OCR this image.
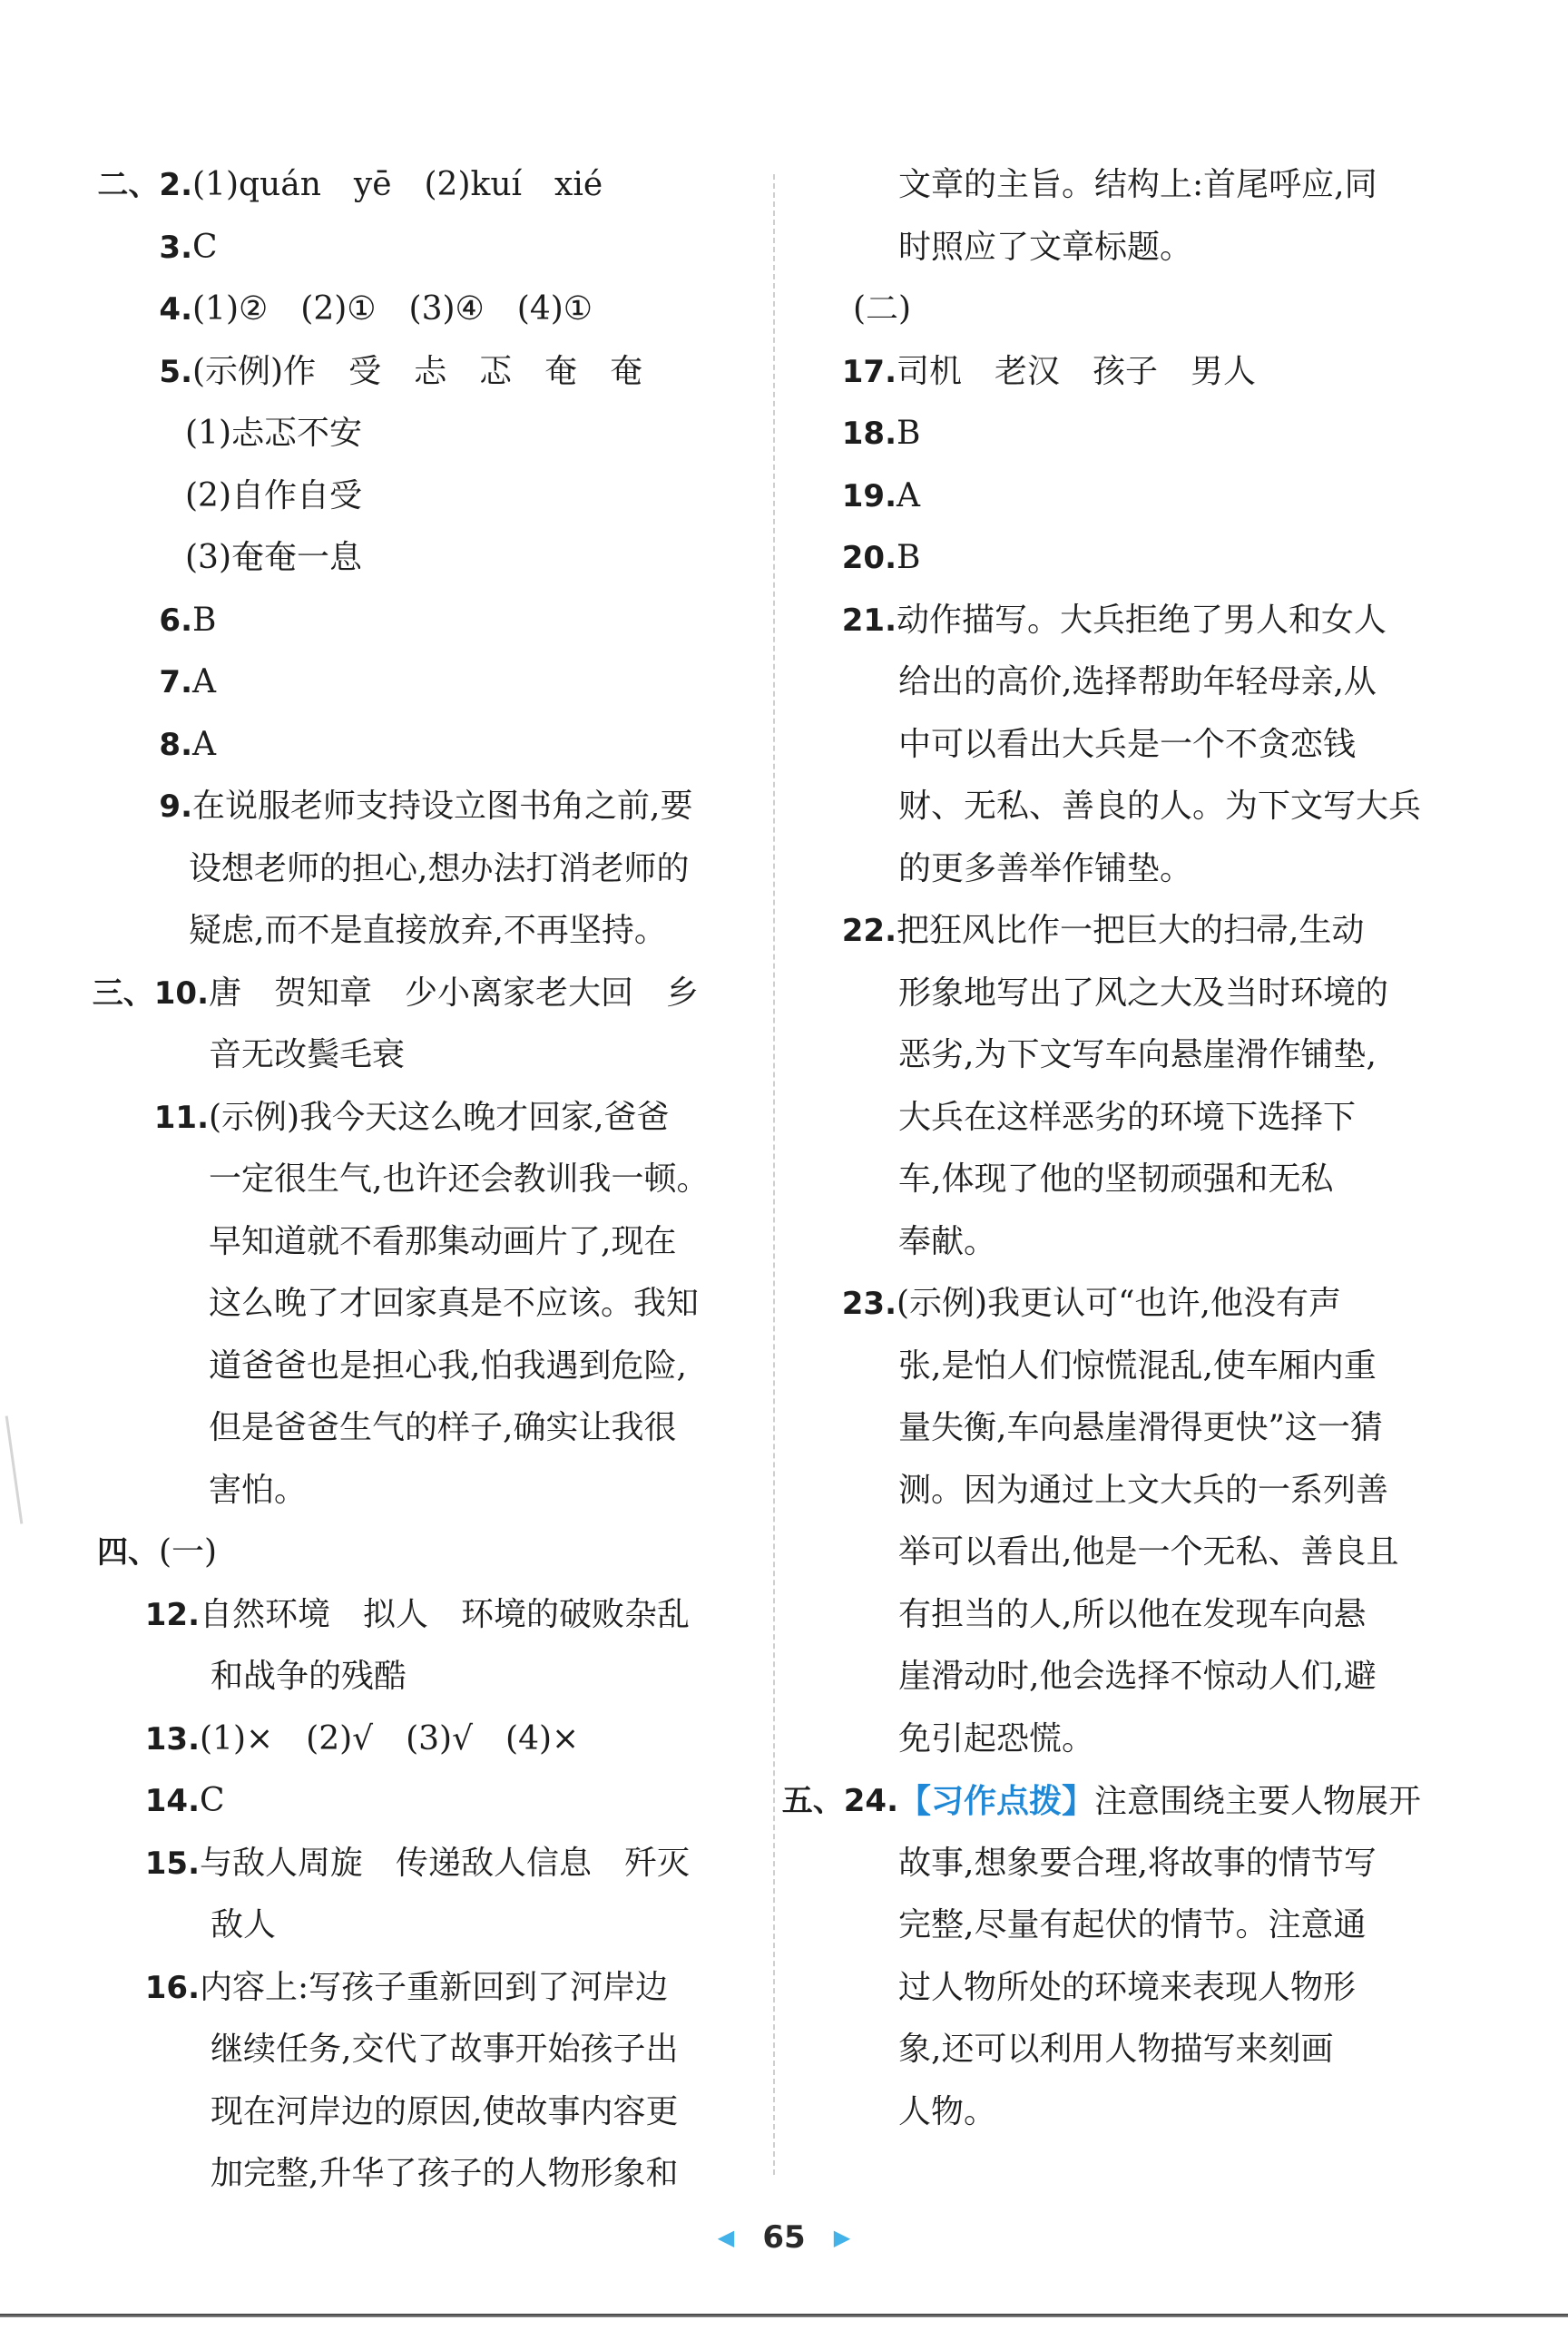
二、2. (1)quán　yē　(2)kuí　xié
3. C
4. (1)②　(2)①　(3)④　(4)①
5. (示例)作　受　忐　忑　奄　奄
(1)忐忑不安
(2)自作自受
(3)奄奄一息
6. B
7. A
8. A
9. 在说服老师支持设立图书角之前,要
设想老师的担心,想办法打消老师的
疑虑,而不是直接放弃,不再坚持。
三、10. 唐　贺知章　少小离家老大回　乡
音无改鬓毛衰
11. (示例)我今天这么晚才回家,爸爸
一定很生气,也许还会教训我一顿。
早知道就不看那集动画片了,现在
这么晚了才回家真是不应该。我知
道爸爸也是担心我,怕我遇到危险,
但是爸爸生气的样子,确实让我很
害怕。
四、 (一)
12. 自然环境　拟人　环境的破败杂乱
和战争的残酷
13. (1)×　(2)√　(3)√　(4)×
14. C
15. 与敌人周旋　传递敌人信息　歼灭
敌人
16. 内容上:写孩子重新回到了河岸边
继续任务,交代了故事开始孩子出
现在河岸边的原因,使故事内容更
加完整,升华了孩子的人物形象和
文章的主旨。结构上:首尾呼应,同
时照应了文章标题。
(二)
17. 司机　老汉　孩子　男人
18. B
19. A
20. B
21. 动作描写。大兵拒绝了男人和女人
给出的高价,选择帮助年轻母亲,从
中可以看出大兵是一个不贪恋钱
财、无私、善良的人。为下文写大兵
的更多善举作铺垫。
22. 把狂风比作一把巨大的扫帚,生动
形象地写出了风之大及当时环境的
恶劣,为下文写车向悬崖滑作铺垫,
大兵在这样恶劣的环境下选择下
车,体现了他的坚韧顽强和无私
奉献。
23. (示例)我更认可“也许,他没有声
张,是怕人们惊慌混乱,使车厢内重
量失衡,车向悬崖滑得更快”这一猜
测。因为通过上文大兵的一系列善
举可以看出,他是一个无私、善良且
有担当的人,所以他在发现车向悬
崖滑动时,他会选择不惊动人们,避
免引起恐慌。
五、24. 【习作点拨】注意围绕主要人物展开
故事,想象要合理,将故事的情节写
完整,尽量有起伏的情节。注意通
过人物所处的环境来表现人物形
象,还可以利用人物描写来刻画
人物。
◀ 65 ▶
